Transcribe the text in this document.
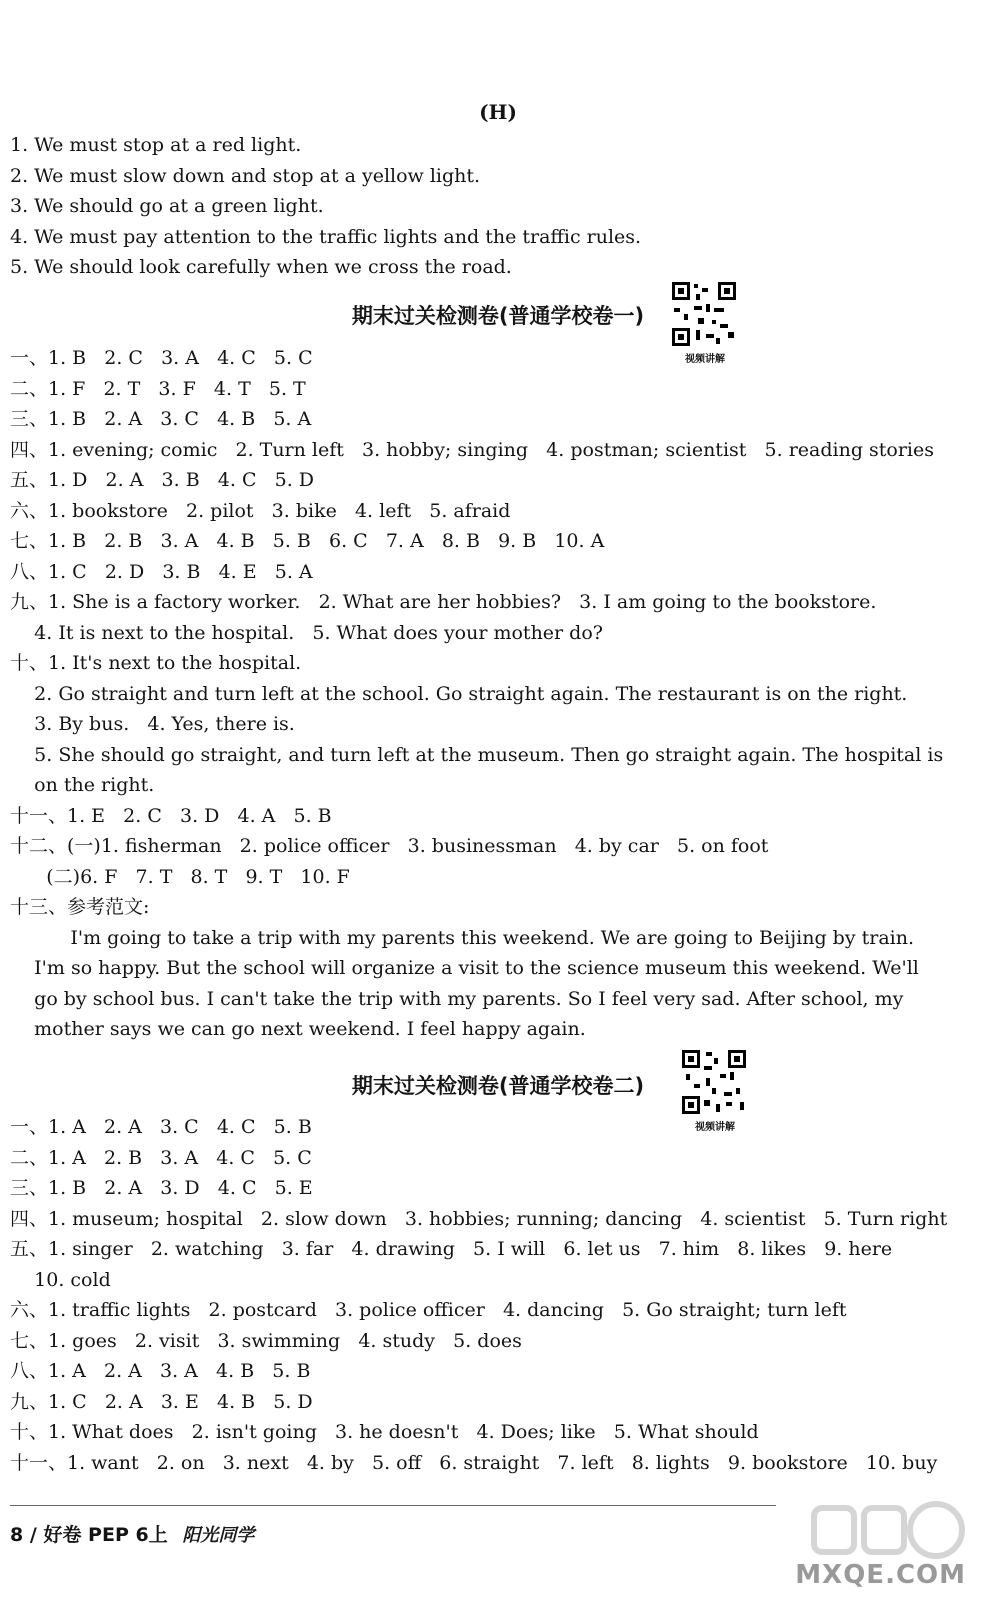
(H)
1. We must stop at a red light.
2. We must slow down and stop at a yellow light.
3. We should go at a green light.
4. We must pay attention to the traffic lights and the traffic rules.
5. We should look carefully when we cross the road.
期末过关检测卷(普通学校卷一)
视频讲解
一、1. B   2. C   3. A   4. C   5. C
二、1. F   2. T   3. F   4. T   5. T
三、1. B   2. A   3. C   4. B   5. A
四、1. evening; comic   2. Turn left   3. hobby; singing   4. postman; scientist   5. reading stories
五、1. D   2. A   3. B   4. C   5. D
六、1. bookstore   2. pilot   3. bike   4. left   5. afraid
七、1. B   2. B   3. A   4. B   5. B   6. C   7. A   8. B   9. B   10. A
八、1. C   2. D   3. B   4. E   5. A
九、1. She is a factory worker.   2. What are her hobbies?   3. I am going to the bookstore.
4. It is next to the hospital.   5. What does your mother do?
十、1. It's next to the hospital.
2. Go straight and turn left at the school. Go straight again. The restaurant is on the right.
3. By bus.   4. Yes, there is.
5. She should go straight, and turn left at the museum. Then go straight again. The hospital is
on the right.
十一、1. E   2. C   3. D   4. A   5. B
十二、(一)1. fisherman   2. police officer   3. businessman   4. by car   5. on foot
(二)6. F   7. T   8. T   9. T   10. F
十三、参考范文:
I'm going to take a trip with my parents this weekend. We are going to Beijing by train.
I'm so happy. But the school will organize a visit to the science museum this weekend. We'll
go by school bus. I can't take the trip with my parents. So I feel very sad. After school, my
mother says we can go next weekend. I feel happy again.
期末过关检测卷(普通学校卷二)
视频讲解
一、1. A   2. A   3. C   4. C   5. B
二、1. A   2. B   3. A   4. C   5. C
三、1. B   2. A   3. D   4. C   5. E
四、1. museum; hospital   2. slow down   3. hobbies; running; dancing   4. scientist   5. Turn right
五、1. singer   2. watching   3. far   4. drawing   5. I will   6. let us   7. him   8. likes   9. here
10. cold
六、1. traffic lights   2. postcard   3. police officer   4. dancing   5. Go straight; turn left
七、1. goes   2. visit   3. swimming   4. study   5. does
八、1. A   2. A   3. A   4. B   5. B
九、1. C   2. A   3. E   4. B   5. D
十、1. What does   2. isn't going   3. he doesn't   4. Does; like   5. What should
十一、1. want   2. on   3. next   4. by   5. off   6. straight   7. left   8. lights   9. bookstore   10. buy
8 / 好卷 PEP 6上 阳光同学
MXQE.COM
